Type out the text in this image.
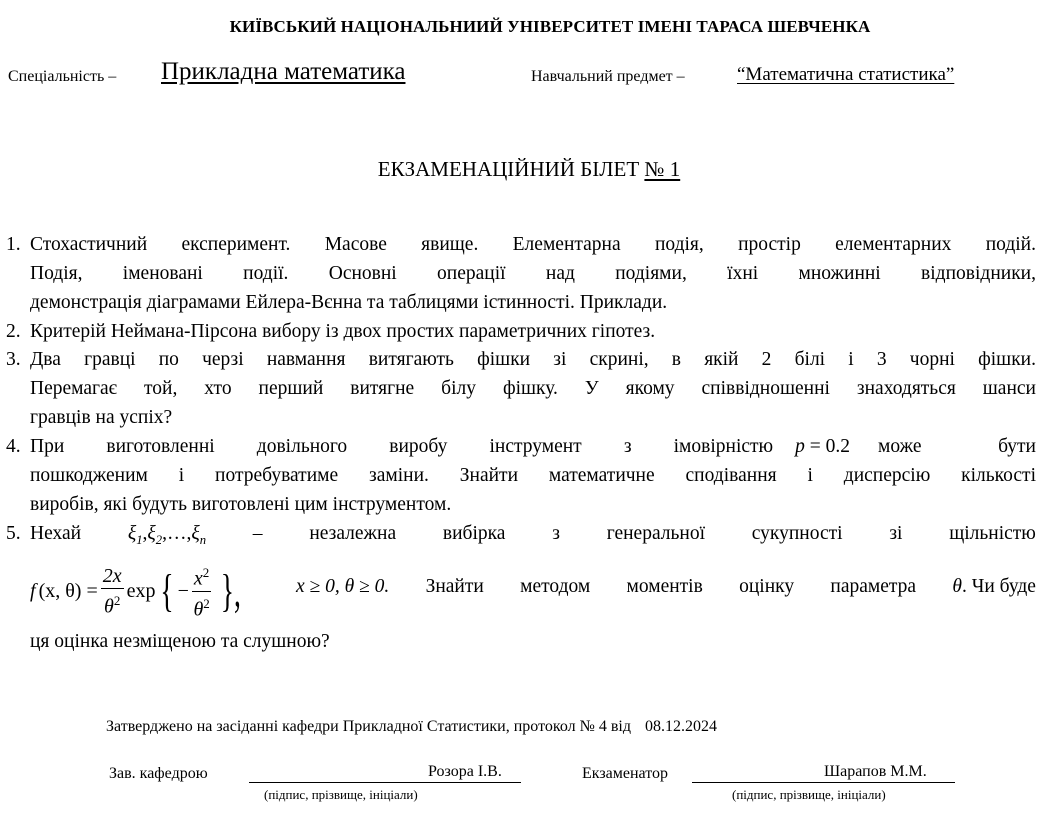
КИЇВСЬКИЙ НАЦІОНАЛЬНИИЙ УНІВЕРСИТЕТ ІМЕНІ ТАРАСА ШЕВЧЕНКА
Спеціальність – Прикладна математика	Навчальний предмет –	“Математична статистика”
ЕКЗАМЕНАЦІЙНИЙ БІЛЕТ № 1
1. Стохастичний експеримент. Масове явище. Елементарна подія, простір елементарних подій.
Подія, іменовані події. Основні операції над подіями, їхні множинні відповідники,
демонстрація діаграмами Ейлера-Вєнна та таблицями істинності. Приклади.
2. Критерій Неймана-Пірсона вибору із двох простих параметричних гіпотез.
3. Два гравці по черзі навмання витягають фішки зі скрині, в якій 2 білі і 3 чорні фішки.
Перемагає той, хто перший витягне білу фішку. У якому співвідношенні знаходяться шанси
гравців на успіх?
4. При виготовленні довільного виробу інструмент з імовірністю p = 0.2 може бути
пошкодженим і потребуватиме заміни. Знайти математичне сподівання і дисперсію кількості
виробів, які будуть виготовлені цим інструментом.
5. Нехай $\xi_1,\xi_2,\dots,\xi_n$ – незалежна вибірка з генеральної сукупності зі щільністю
f (x, $\theta) = \frac{2x}{\theta^2}$ exp { − $\frac{x^2}{\theta^2}$ },	x ≥ 0, θ ≥ 0. Знайти методом моментів оцінку параметра θ. Чи буде
ця оцінка незміщеною та слушною?
Затверджено на засіданні кафедри Прикладної Статистики, протокол № 4 від 08.12.2024
Зав. кафедрою	Розора І.В.
(підпис, прізвище, ініціали)
Екзаменатор	Шарапов М.М.
(підпис, прізвище, ініціали)
